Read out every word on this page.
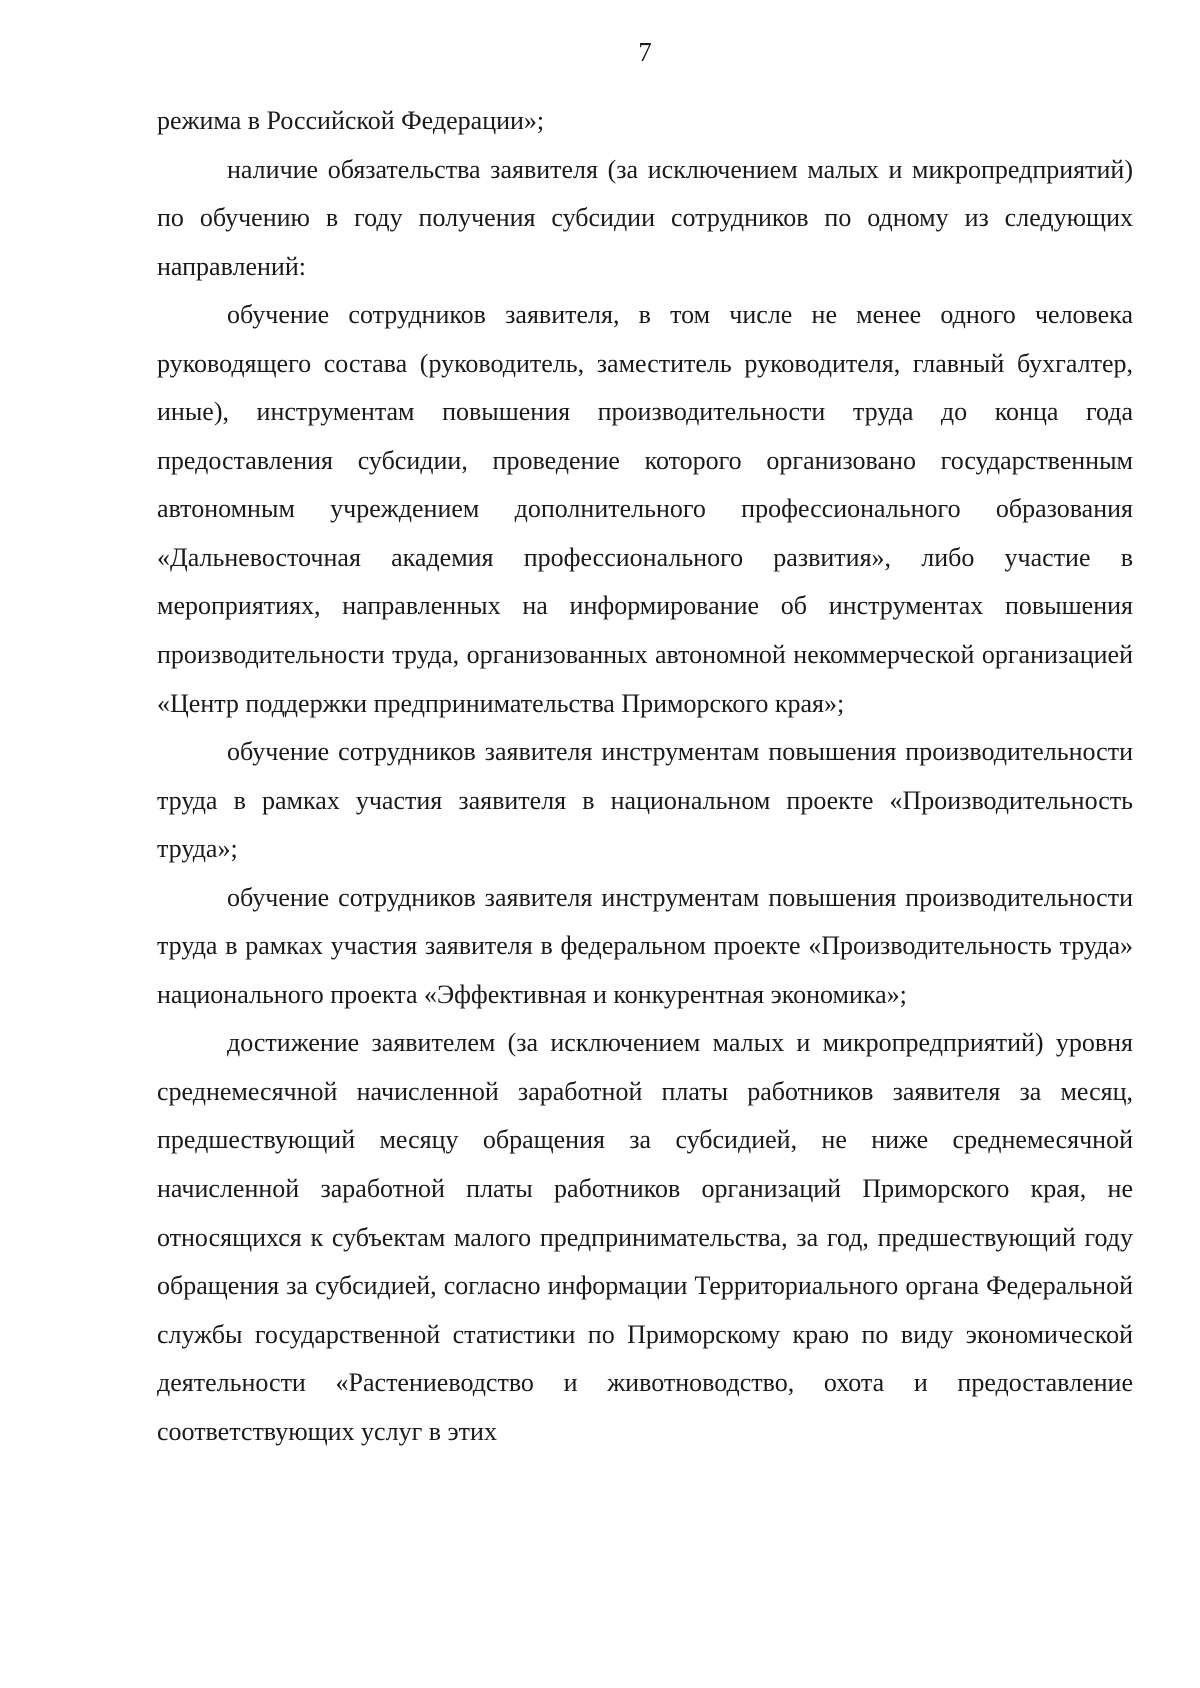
7

режима в Российской Федерации»;

наличие обязательства заявителя (за исключением малых и микропредприятий) по обучению в году получения субсидии сотрудников по одному из следующих направлений:

обучение сотрудников заявителя, в том числе не менее одного человека руководящего состава (руководитель, заместитель руководителя, главный бухгалтер, иные), инструментам повышения производительности труда до конца года предоставления субсидии, проведение которого организовано государственным автономным учреждением дополнительного профессионального образования «Дальневосточная академия профессионального развития», либо участие в мероприятиях, направленных на информирование об инструментах повышения производительности труда, организованных автономной некоммерческой организацией «Центр поддержки предпринимательства Приморского края»;

обучение сотрудников заявителя инструментам повышения производительности труда в рамках участия заявителя в национальном проекте «Производительность труда»;

обучение сотрудников заявителя инструментам повышения производительности труда в рамках участия заявителя в федеральном проекте «Производительность труда» национального проекта «Эффективная и конкурентная экономика»;

достижение заявителем (за исключением малых и микропредприятий) уровня среднемесячной начисленной заработной платы работников заявителя за месяц, предшествующий месяцу обращения за субсидией, не ниже среднемесячной начисленной заработной платы работников организаций Приморского края, не относящихся к субъектам малого предпринимательства, за год, предшествующий году обращения за субсидией, согласно информации Территориального органа Федеральной службы государственной статистики по Приморскому краю по виду экономической деятельности «Растениеводство и животноводство, охота и предоставление соответствующих услуг в этих
